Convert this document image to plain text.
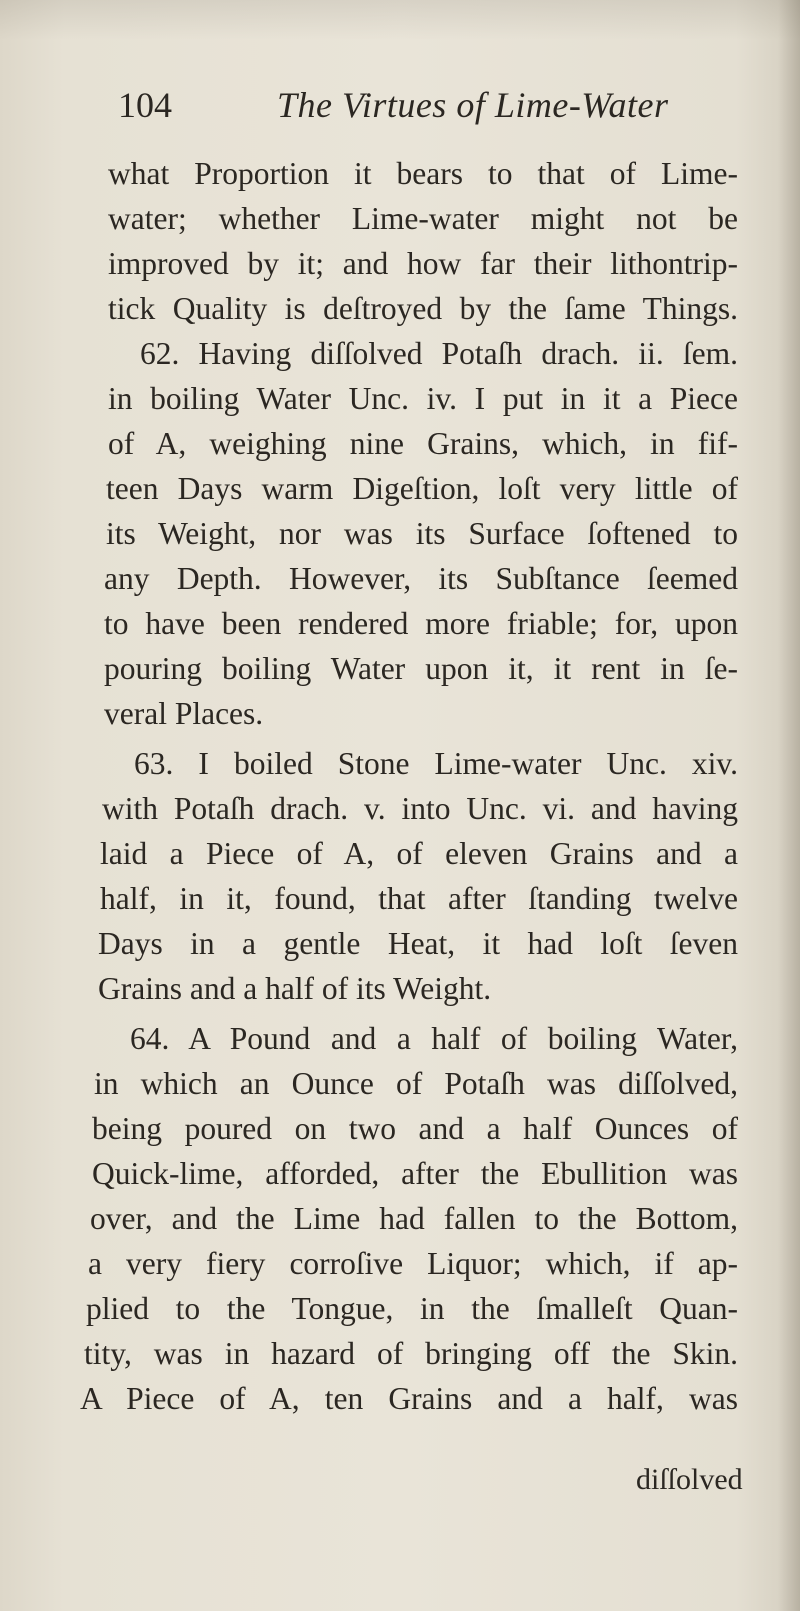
104	The Virtues of Lime-Water
what Proportion it bears to that of Lime-
water; whether Lime-water might not be
improved by it; and how far their lithontrip-
tick Quality is deſtroyed by the ſame Things.
62. Having diſſolved Potaſh drach. ii. ſem.
in boiling Water Unc. iv. I put in it a Piece
of A, weighing nine Grains, which, in fif-
teen Days warm Digeſtion, loſt very little of
its Weight, nor was its Surface ſoftened to
any Depth. However, its Subſtance ſeemed
to have been rendered more friable; for, upon
pouring boiling Water upon it, it rent in ſe-
veral Places.
63. I boiled Stone Lime-water Unc. xiv.
with Potaſh drach. v. into Unc. vi. and having
laid a Piece of A, of eleven Grains and a
half, in it, found, that after ſtanding twelve
Days in a gentle Heat, it had loſt ſeven
Grains and a half of its Weight.
64. A Pound and a half of boiling Water,
in which an Ounce of Potaſh was diſſolved,
being poured on two and a half Ounces of
Quick-lime, afforded, after the Ebullition was
over, and the Lime had fallen to the Bottom,
a very fiery corroſive Liquor; which, if ap-
plied to the Tongue, in the ſmalleſt Quan-
tity, was in hazard of bringing off the Skin.
A Piece of A, ten Grains and a half, was
diſſolved
